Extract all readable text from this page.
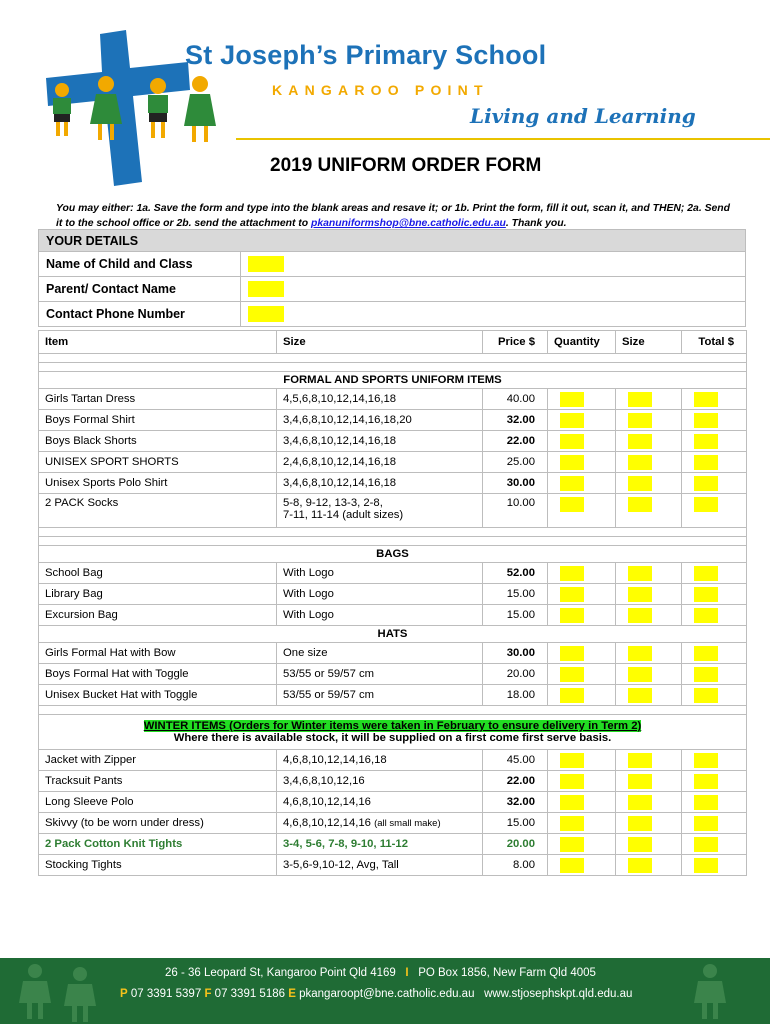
St Joseph’s Primary School
KANGAROO POINT
Living and Learning
2019 UNIFORM ORDER FORM
You may either: 1a. Save the form and type into the blank areas and resave it; or 1b. Print the form, fill it out, scan it, and THEN; 2a. Send it to the school office or 2b. send the attachment to pkanuniformshop@bne.catholic.edu.au. Thank you.
YOUR DETAILS	
Name of Child and Class	
Parent/ Contact Name	
Contact Phone Number	
Item	Size	Price $	Quantity	Size	Total $

FORMAL AND SPORTS UNIFORM ITEMS					
Girls Tartan Dress	4,5,6,8,10,12,14,16,18	40.00	

Boys Formal Shirt	3,4,6,8,10,12,14,16,18,20	32.00	

Boys Black Shorts	3,4,6,8,10,12,14,16,18	22.00	

UNISEX SPORT SHORTS	2,4,6,8,10,12,14,16,18	25.00	

Unisex Sports Polo Shirt	3,4,6,8,10,12,14,16,18	30.00	

2 PACK Socks	5-8, 9-12, 13-3, 2-8,
7-11, 11-14 (adult sizes)	10.00	

BAGS					
School Bag	With Logo	52.00	

Library Bag	With Logo	15.00	

Excursion Bag	With Logo	15.00	

HATS					
Girls Formal Hat with Bow	One size	30.00	

Boys Formal Hat with Toggle	53/55 or 59/57 cm	20.00	

Unisex Bucket Hat with Toggle	53/55 or 59/57 cm	18.00	

WINTER ITEMS (Orders for Winter items were taken in February to ensure delivery in Term 2)
Where there is available stock, it will be supplied on a first come first serve basis.					
Jacket with Zipper	4,6,8,10,12,14,16,18	45.00	

Tracksuit Pants	3,4,6,8,10,12,16	22.00	

Long Sleeve Polo	4,6,8,10,12,14,16	32.00	

Skivvy (to be worn under dress)	4,6,8,10,12,14,16 (all small make)	15.00	

2 Pack Cotton Knit Tights	3-4, 5-6, 7-8, 9-10, 11-12	20.00	

Stocking Tights	3-5,6-9,10-12, Avg, Tall	8.00	

26 - 36 Leopard St, Kangaroo Point Qld 4169 I PO Box 1856, New Farm Qld 4005
P 07 3391 5397 F 07 3391 5186 E pkangaroopt@bne.catholic.edu.au www.stjosephskpt.qld.edu.au
